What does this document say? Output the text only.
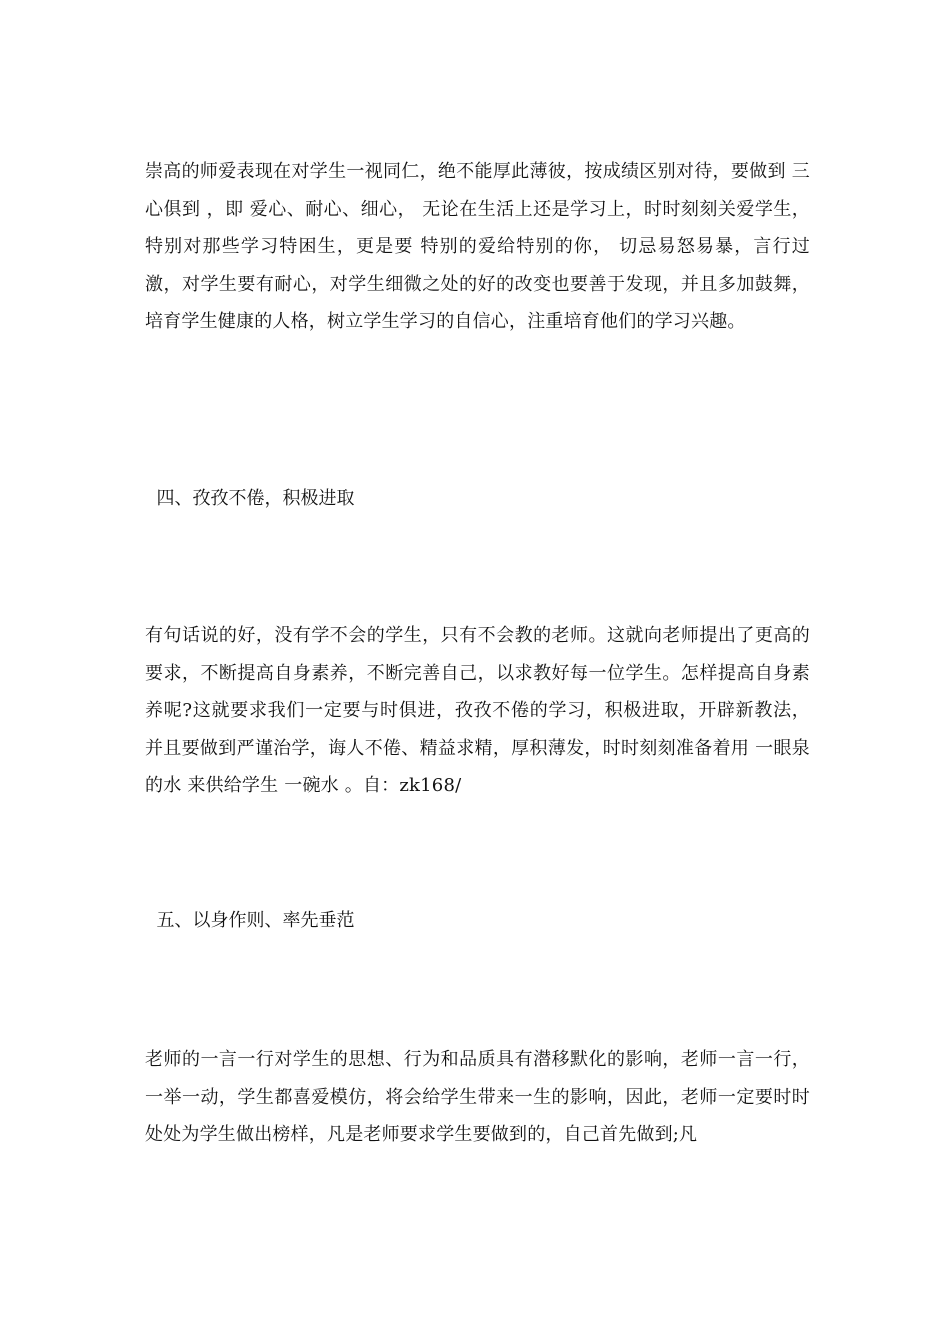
崇高的师爱表现在对学生一视同仁，绝不能厚此薄彼，按成绩区别对待，要做到 三心俱到 ，即 爱心、耐心、细心， 无论在生活上还是学习上，时时刻刻关爱学生，特别对那些学习特困生，更是要 特别的爱给特别的你， 切忌易怒易暴，言行过激，对学生要有耐心，对学生细微之处的好的改变也要善于发现，并且多加鼓舞，培育学生健康的人格，树立学生学习的自信心，注重培育他们的学习兴趣。

四、孜孜不倦，积极进取

有句话说的好，没有学不会的学生，只有不会教的老师。这就向老师提出了更高的要求，不断提高自身素养，不断完善自己，以求教好每一位学生。怎样提高自身素养呢?这就要求我们一定要与时俱进，孜孜不倦的学习，积极进取，开辟新教法，并且要做到严谨治学，诲人不倦、精益求精，厚积薄发，时时刻刻准备着用 一眼泉的水 来供给学生 一碗水 。自：zk168/

五、以身作则、率先垂范

老师的一言一行对学生的思想、行为和品质具有潜移默化的影响，老师一言一行，一举一动，学生都喜爱模仿，将会给学生带来一生的影响，因此，老师一定要时时处处为学生做出榜样，凡是老师要求学生要做到的，自己首先做到;凡
